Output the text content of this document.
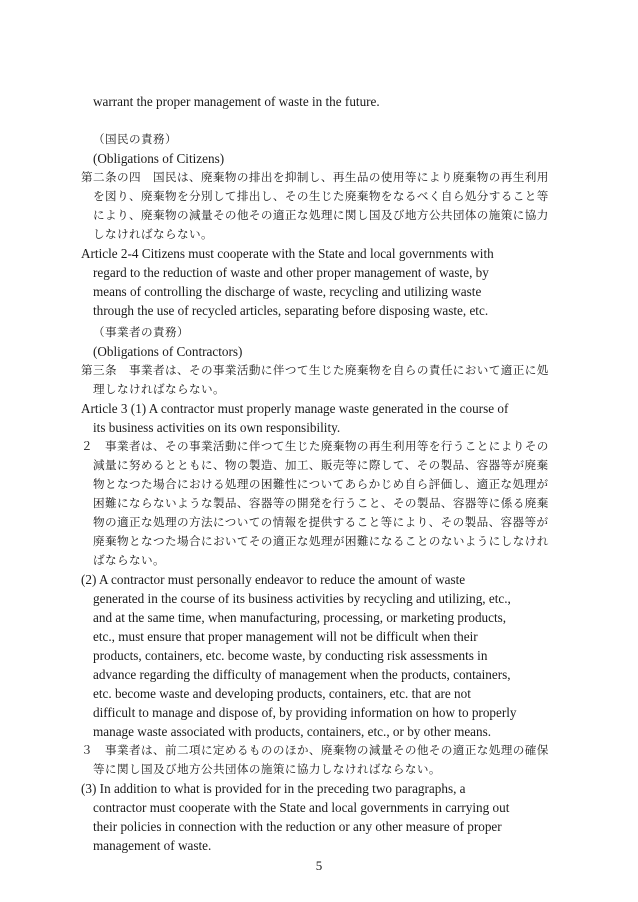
warrant the proper management of waste in the future.
（国民の責務）
(Obligations of Citizens)
第二条の四　国民は、廃棄物の排出を抑制し、再生品の使用等により廃棄物の再生利用
を図り、廃棄物を分別して排出し、その生じた廃棄物をなるべく自ら処分すること等
により、廃棄物の減量その他その適正な処理に関し国及び地方公共団体の施策に協力
しなければならない。
Article 2-4 Citizens must cooperate with the State and local governments with
regard to the reduction of waste and other proper management of waste, by
means of controlling the discharge of waste, recycling and utilizing waste
through the use of recycled articles, separating before disposing waste, etc.
（事業者の責務）
(Obligations of Contractors)
第三条　事業者は、その事業活動に伴つて生じた廃棄物を自らの責任において適正に処
理しなければならない。
Article 3 (1) A contractor must properly manage waste generated in the course of
its business activities on its own responsibility.
２　事業者は、その事業活動に伴つて生じた廃棄物の再生利用等を行うことによりその
減量に努めるとともに、物の製造、加工、販売等に際して、その製品、容器等が廃棄
物となつた場合における処理の困難性についてあらかじめ自ら評価し、適正な処理が
困難にならないような製品、容器等の開発を行うこと、その製品、容器等に係る廃棄
物の適正な処理の方法についての情報を提供すること等により、その製品、容器等が
廃棄物となつた場合においてその適正な処理が困難になることのないようにしなけれ
ばならない。
(2) A contractor must personally endeavor to reduce the amount of waste
generated in the course of its business activities by recycling and utilizing, etc.,
and at the same time, when manufacturing, processing, or marketing products,
etc., must ensure that proper management will not be difficult when their
products, containers, etc. become waste, by conducting risk assessments in
advance regarding the difficulty of management when the products, containers,
etc. become waste and developing products, containers, etc. that are not
difficult to manage and dispose of, by providing information on how to properly
manage waste associated with products, containers, etc., or by other means.
３　事業者は、前二項に定めるもののほか、廃棄物の減量その他その適正な処理の確保
等に関し国及び地方公共団体の施策に協力しなければならない。
(3) In addition to what is provided for in the preceding two paragraphs, a
contractor must cooperate with the State and local governments in carrying out
their policies in connection with the reduction or any other measure of proper
management of waste.
5
